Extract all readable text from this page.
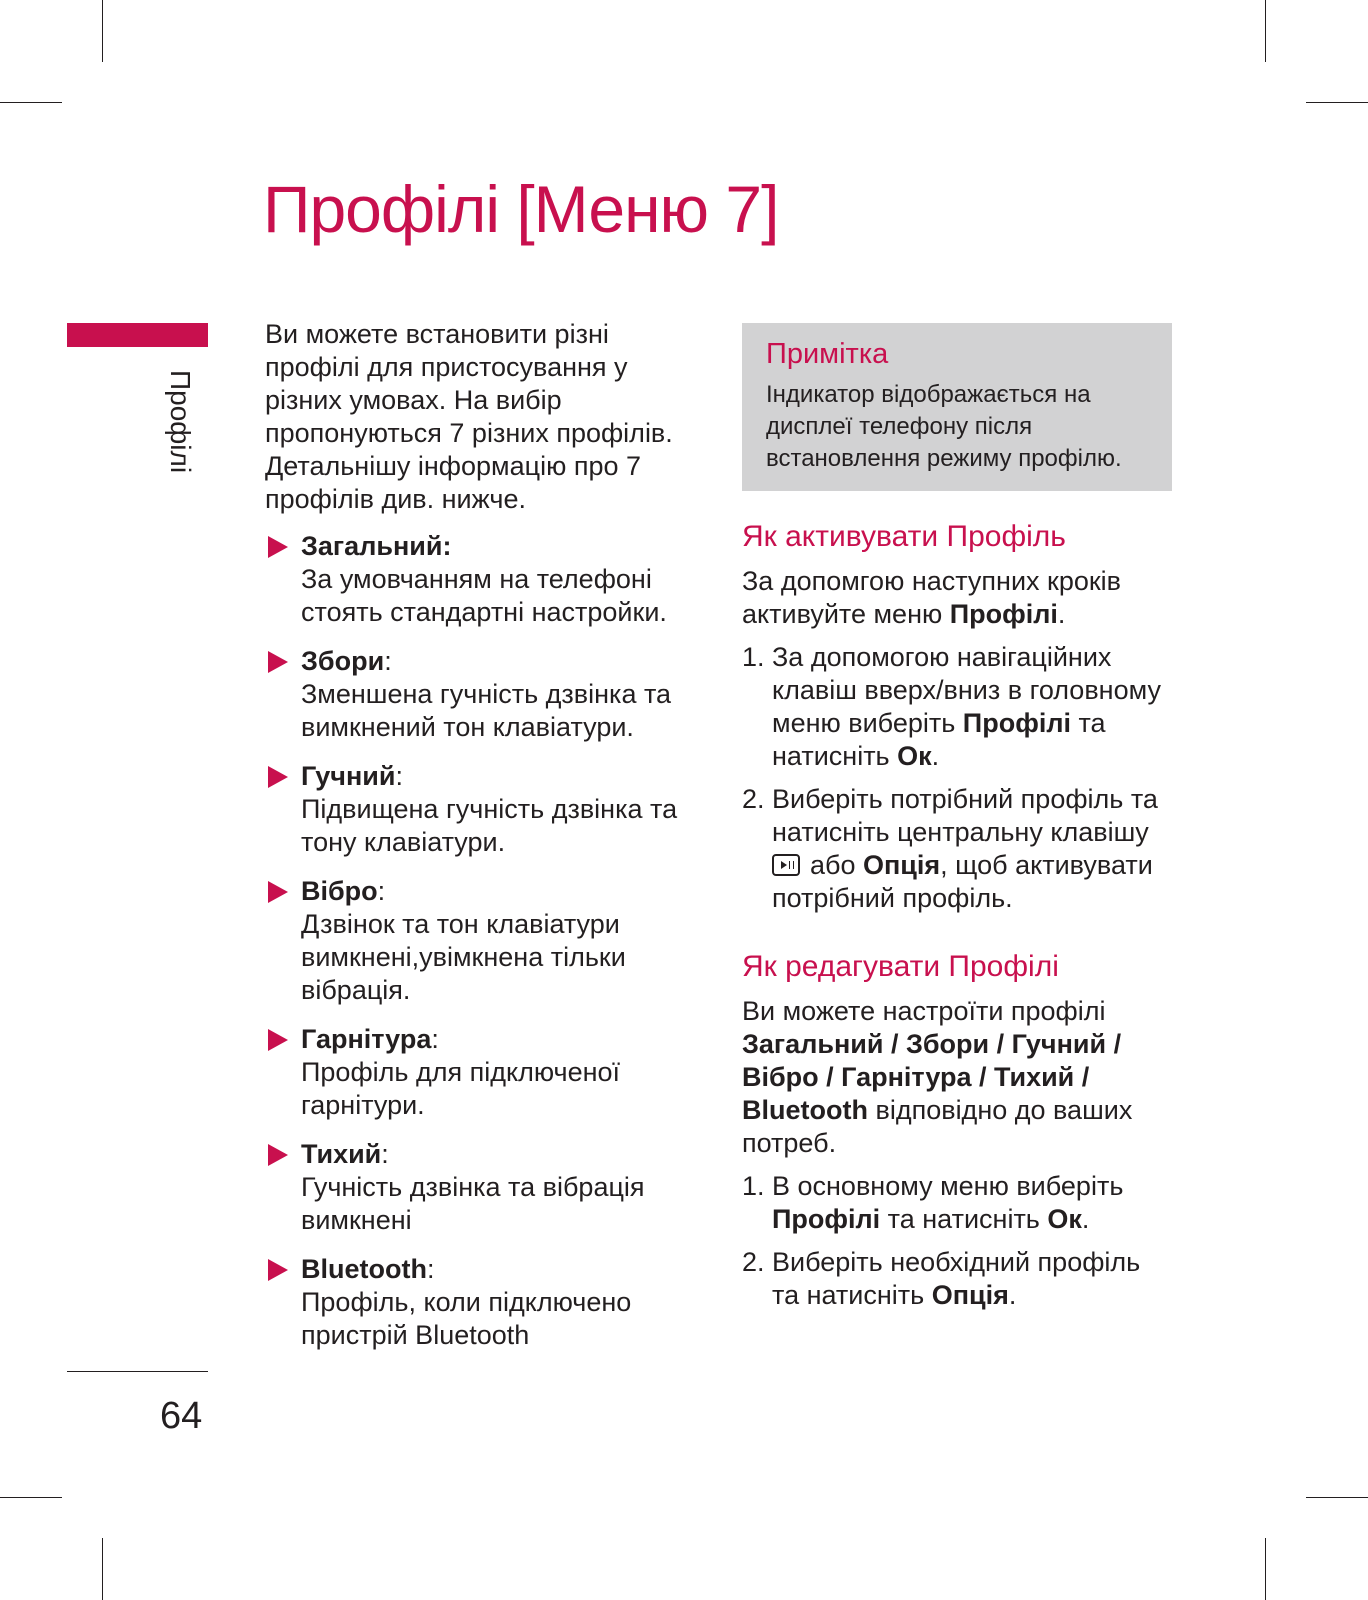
Профілі [Меню 7]
Профілі
64

Ви можете встановити різні профілі для пристосування у різних умовах. На вибір пропонуються 7 різних профілів. Детальнішу інформацію про 7 профілів див. нижче.

Загальний:
За умовчанням на телефоні стоять стандартні настройки.
Збори:
Зменшена гучність дзвінка та вимкнений тон клавіатури.
Гучний:
Підвищена гучність дзвінка та тону клавіатури.
Вібро:
Дзвінок та тон клавіатури вимкнені,увімкнена тільки вібрація.
Гарнітура:
Профіль для підключеної гарнітури.
Тихий:
Гучність дзвінка та вібрація вимкнені
Bluetooth:
Профіль, коли підключено пристрій Bluetooth
Примітка
Індикатор відображається на дисплеї телефону після встановлення режиму профілю.
Як активувати Профіль

За допомгою наступних кроків активуйте меню Профілі.

1. За допомогою навігаційних клавіш вверх/вниз в головному меню виберіть Профілі та натисніть Ок.
2. Виберіть потрібний профіль та натисніть центральну клавішу або Опція, щоб активувати потрібний профіль.
Як редагувати Профілі

Ви можете настроїти профілі Загальний / Збори / Гучний / Вібро / Гарнітура / Тихий / Bluetooth відповідно до ваших потреб.

1. В основному меню виберіть Профілі та натисніть Ок.
2. Виберіть необхідний профіль та натисніть Опція.
